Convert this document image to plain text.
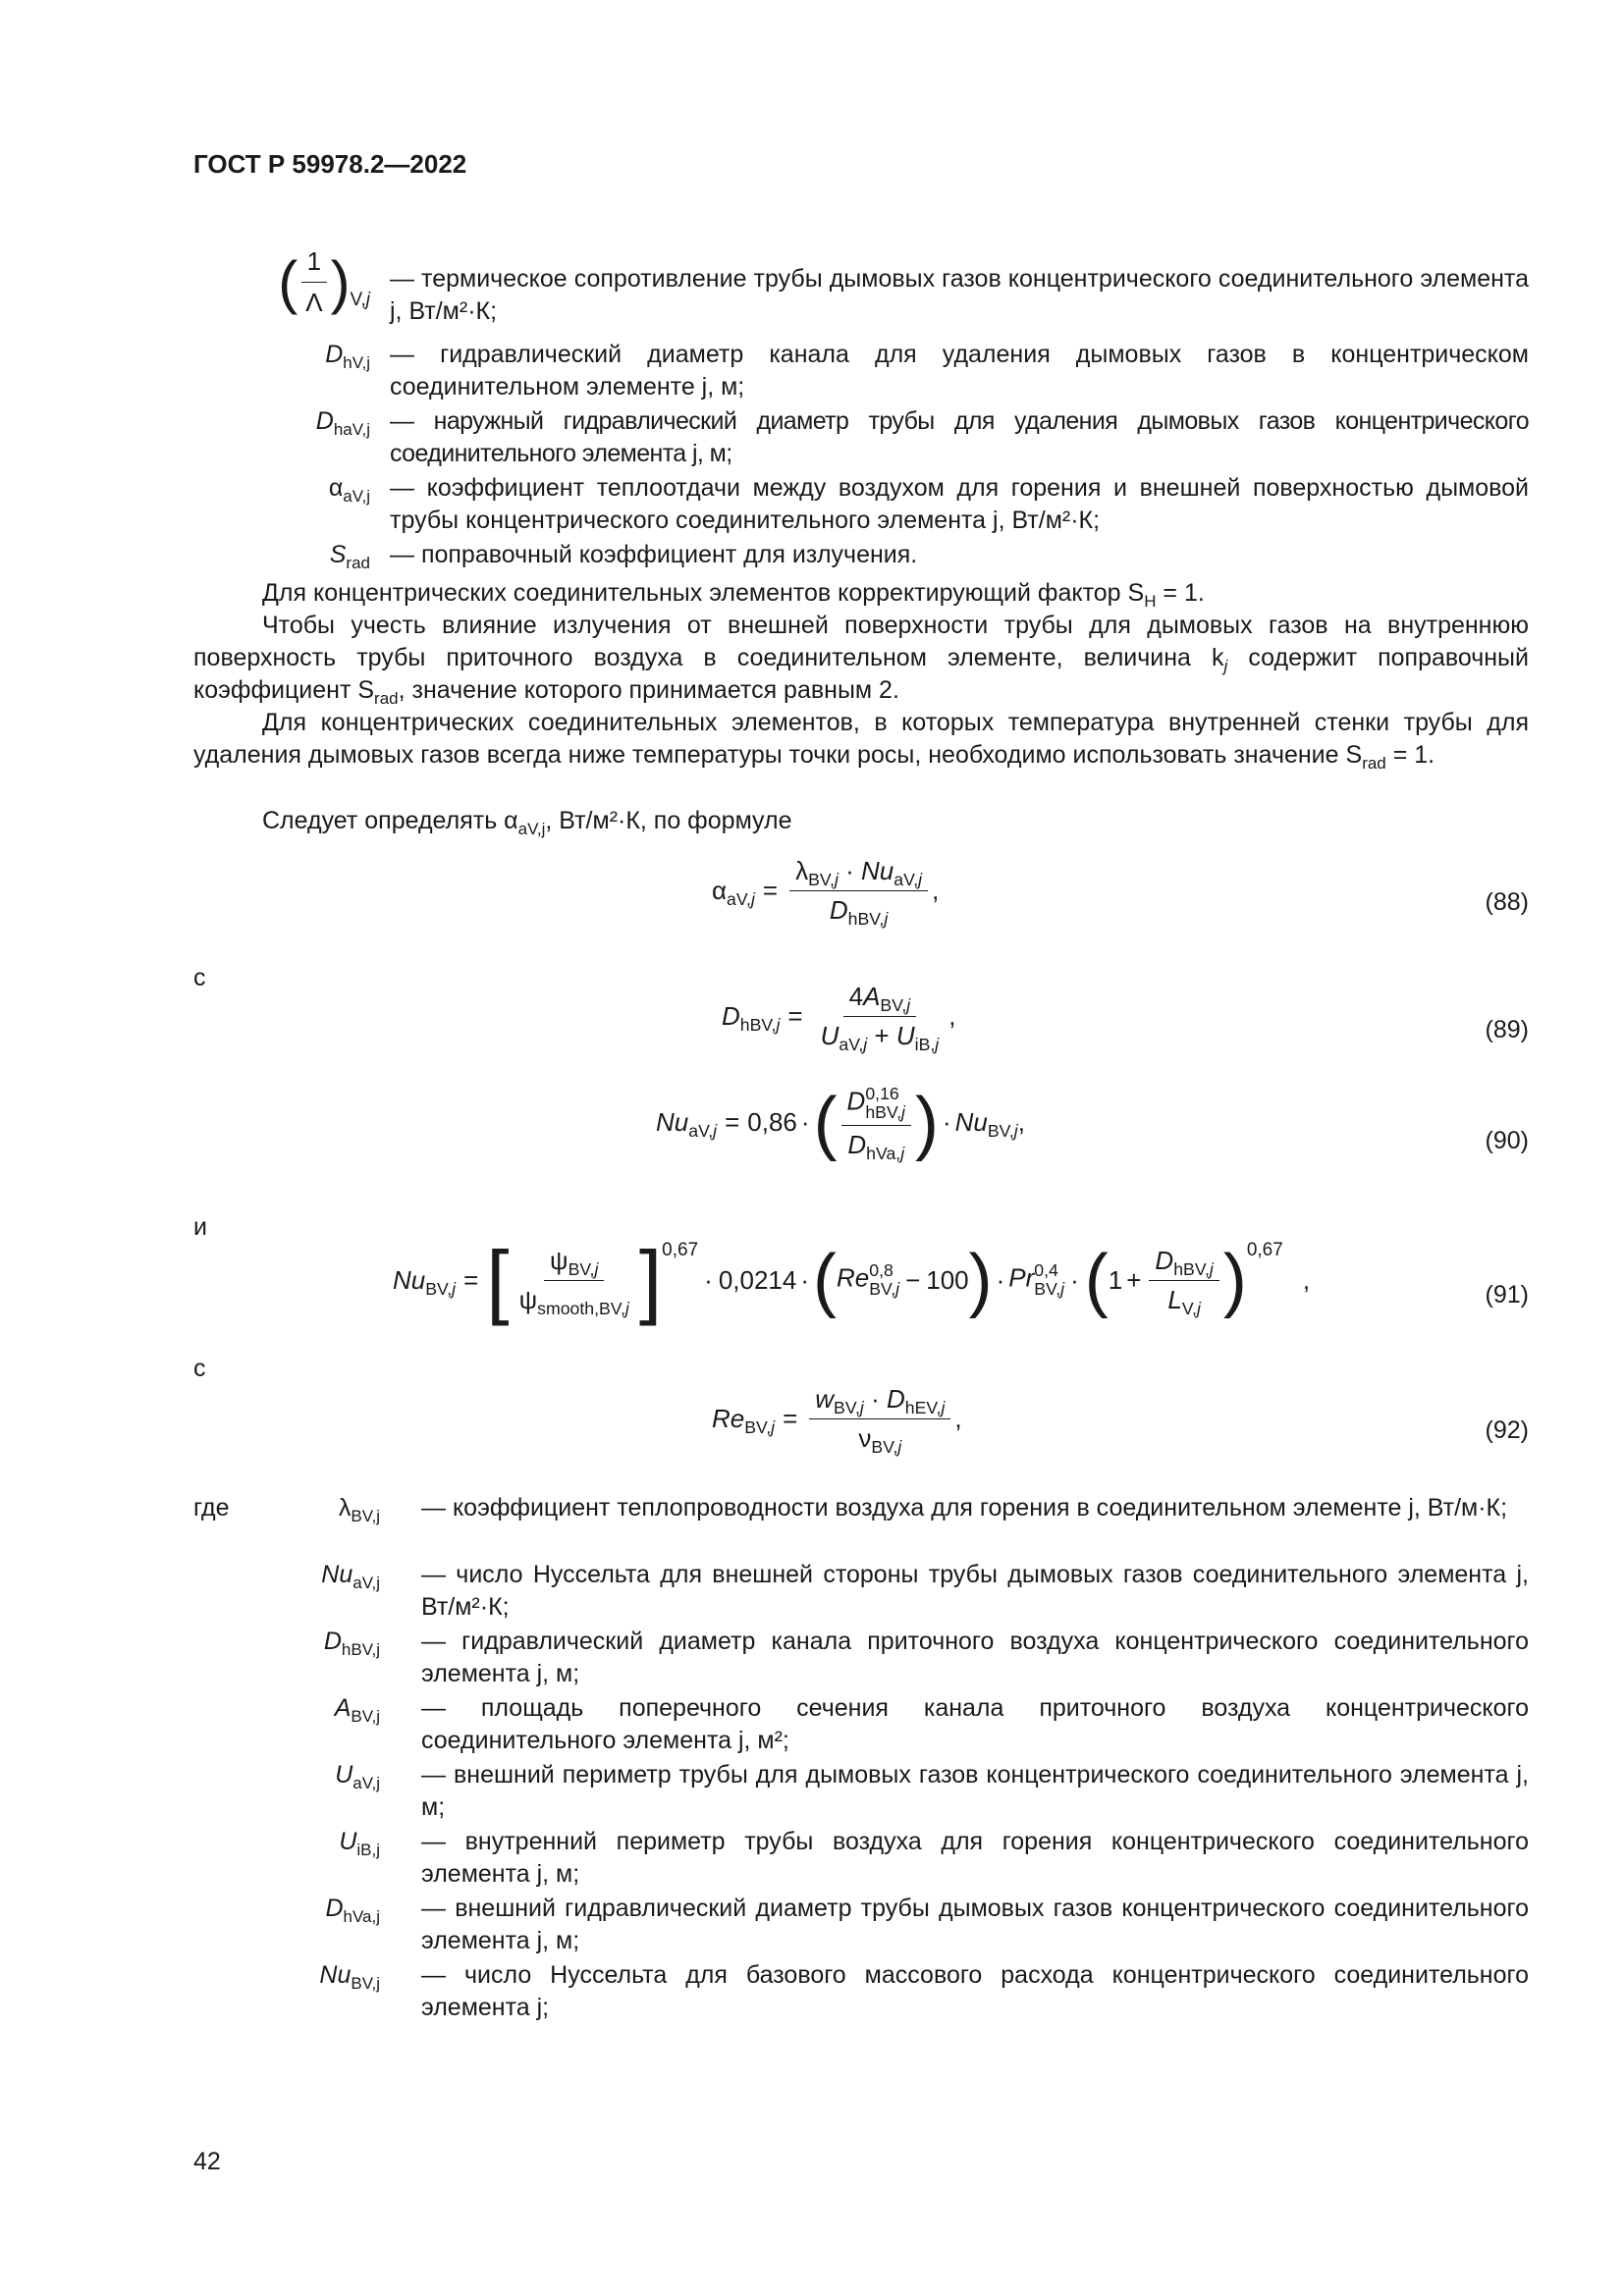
ГОСТ Р 59978.2—2022
( $\frac{1}{\Lambda}$ ) V,j
— термическое сопротивление трубы дымовых газов концентрического соединительного элемента j, Вт/м²·К;
$D_{hV,j}$ — гидравлический диаметр канала для удаления дымовых газов в концентрическом соединительном элементе j, м;
$D_{haV,j}$ — наружный гидравлический диаметр трубы для удаления дымовых газов концентрического соединительного элемента j, м;
$\alpha_{aV,j}$ — коэффициент теплоотдачи между воздухом для горения и внешней поверхностью дымовой трубы концентрического соединительного элемента j, Вт/м²·К;
$S_{rad}$ — поправочный коэффициент для излучения.
Для концентрических соединительных элементов корректирующий фактор $S_H = 1$.
Чтобы учесть влияние излучения от внешней поверхности трубы для дымовых газов на внутреннюю поверхность трубы приточного воздуха в соединительном элементе, величина $k_j$ содержит поправочный коэффициент $S_{rad}$, значение которого принимается равным 2.
Для концентрических соединительных элементов, в которых температура внутренней стенки трубы для удаления дымовых газов всегда ниже температуры точки росы, необходимо использовать значение $S_{rad} = 1$.
Следует определять $\alpha_{aV,j}$, Вт/м²·К, по формуле
$\alpha_{aV,j} = \frac{\lambda_{BV,j} \cdot Nu_{aV,j}}{D_{hBV,j}}$ ,	(88)
с
$D_{hBV,j} = \frac{4A_{BV,j}}{U_{aV,j} + U_{iB,j}}$ ,	(89)
$Nu_{aV,j} = 0,86$ · ( D 0,16
hBV,j
$D_{hVa,j}$ ) · $Nu_{BV,j}$ ,
(90)
и
$Nu_{BV,j}$ = [ $\frac{\psi_{BV,j}}{\psi_{smooth,BV,j}} ]^{0,67}$
· 0,0214 · ( Re 0,8
BV,j − 100 ) · Pr 0,4
BV,j · ( $1 + \frac{D_{hBV,j}}{L_{V,j}} )^{0,67}$
,
(91)
с
$Re_{BV,j} = \frac{w_{BV,j} \cdot D_{hEV,j}}{\nu_{BV,j}}$ ,	(92)
где	$\lambda_{BV,j}$ — коэффициент теплопроводности воздуха для горения в соединительном элементе j, Вт/м·К;
$Nu_{aV,j}$ — число Нуссельта для внешней стороны трубы дымовых газов соединительного элемента j, Вт/м²·К;
$D_{hBV,j}$ — гидравлический диаметр канала приточного воздуха концентрического соединительного элемента j, м;
$A_{BV,j}$ — площадь поперечного сечения канала приточного воздуха концентрического соединительного элемента j, м²;
$U_{aV,j}$ — внешний периметр трубы для дымовых газов концентрического соединительного элемента j, м;
$U_{iB,j}$ — внутренний периметр трубы воздуха для горения концентрического соединительного элемента j, м;
$D_{hVa,j}$ — внешний гидравлический диаметр трубы дымовых газов концентрического соединительного элемента j, м;
$Nu_{BV,j}$ — число Нуссельта для базового массового расхода концентрического соединительного элемента j;
42
